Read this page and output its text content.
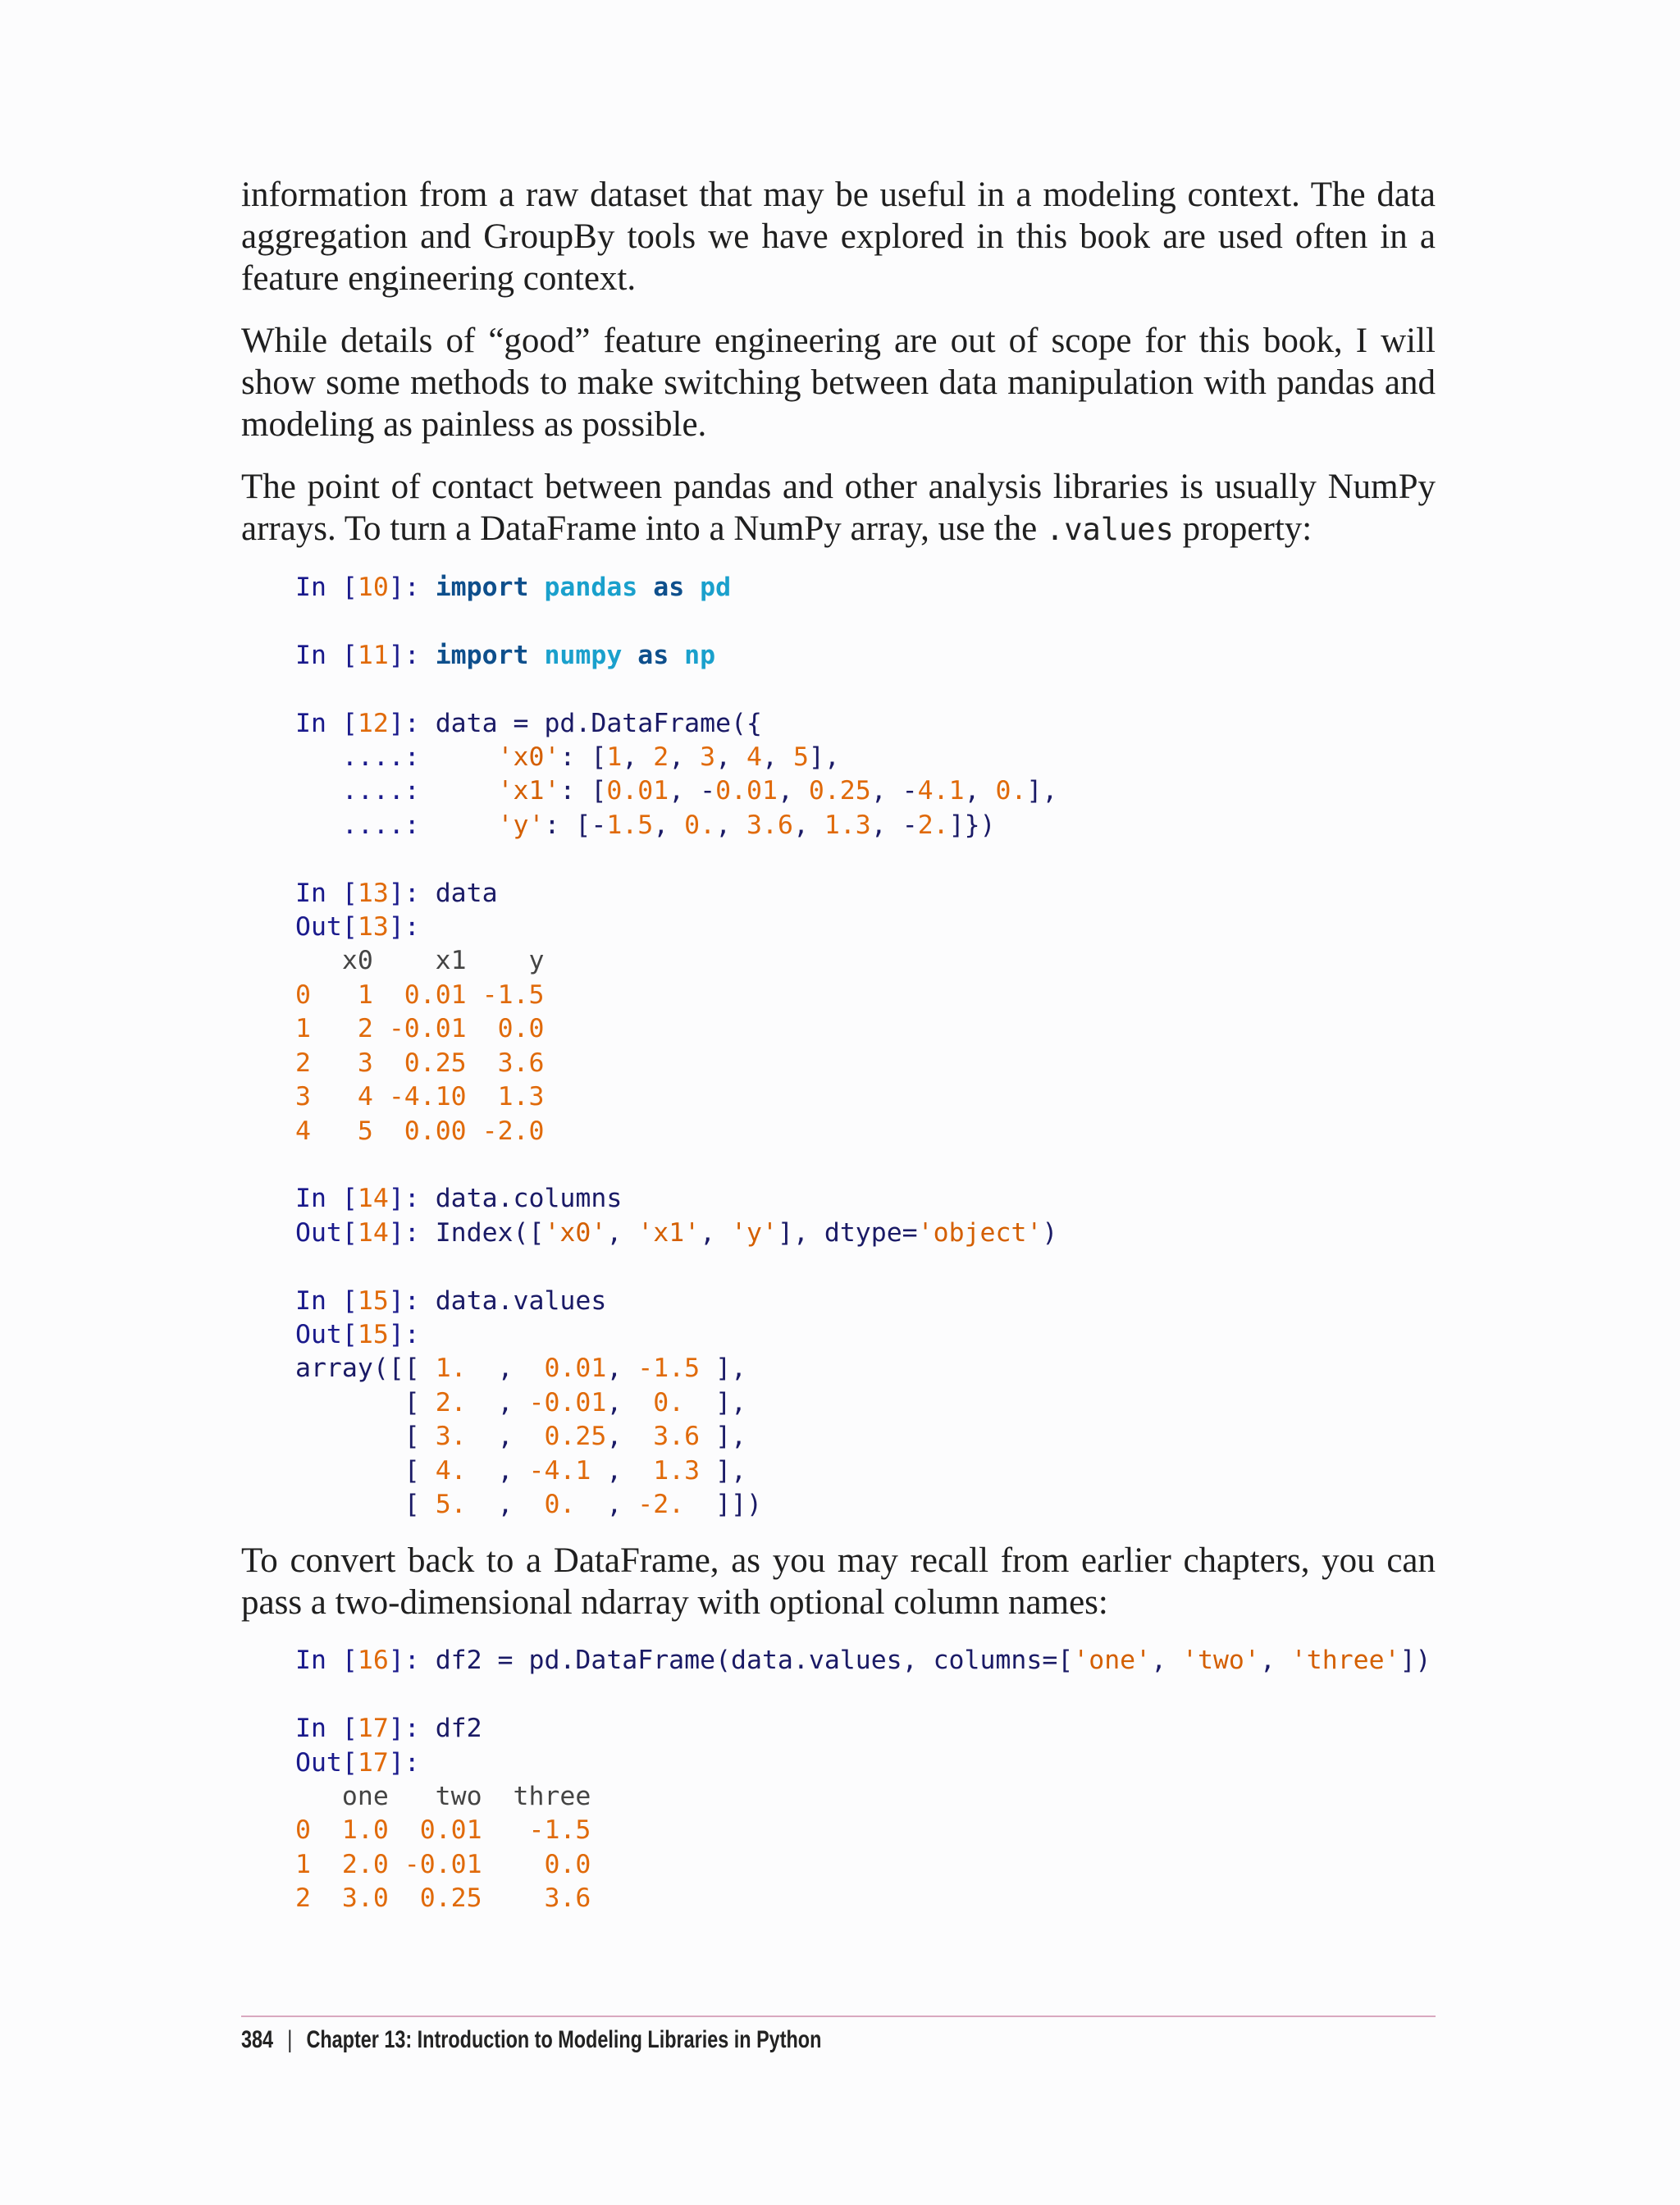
information from a raw dataset that may be useful in a modeling context. The data aggregation and GroupBy tools we have explored in this book are used often in a feature engineering context.

While details of “good” feature engineering are out of scope for this book, I will show some methods to make switching between data manipulation with pandas and modeling as painless as possible.

The point of contact between pandas and other analysis libraries is usually NumPy arrays. To turn a DataFrame into a NumPy array, use the .values property:

In [10]: import pandas as pd

In [11]: import numpy as np

In [12]: data = pd.DataFrame({
....:     'x0': [1, 2, 3, 4, 5],
....:     'x1': [0.01, -0.01, 0.25, -4.1, 0.],
....:     'y': [-1.5, 0., 3.6, 1.3, -2.]})

In [13]: data
Out[13]:
x0    x1    y
0 1 0.01 -1.5
1 2 -0.01 0.0
2 3 0.25 3.6
3 4 -4.10 1.3
4 5 0.00 -2.0

In [14]: data.columns
Out[14]: Index(['x0', 'x1', 'y'], dtype='object')

In [15]: data.values
Out[15]:
array([[ 1.  ,  0.01, -1.5 ],
[ 2.  , -0.01,  0.  ],
[ 3.  ,  0.25,  3.6 ],
[ 4.  , -4.1 ,  1.3 ],
[ 5.  ,  0.  , -2.  ]])

To convert back to a DataFrame, as you may recall from earlier chapters, you can pass a two-dimensional ndarray with optional column names:

In [16]: df2 = pd.DataFrame(data.values, columns=['one', 'two', 'three'])

In [17]: df2
Out[17]:
one   two  three
0 1.0 0.01 -1.5
1 2.0 -0.01 0.0
2 3.0 0.25 3.6
384 | Chapter 13: Introduction to Modeling Libraries in Python
